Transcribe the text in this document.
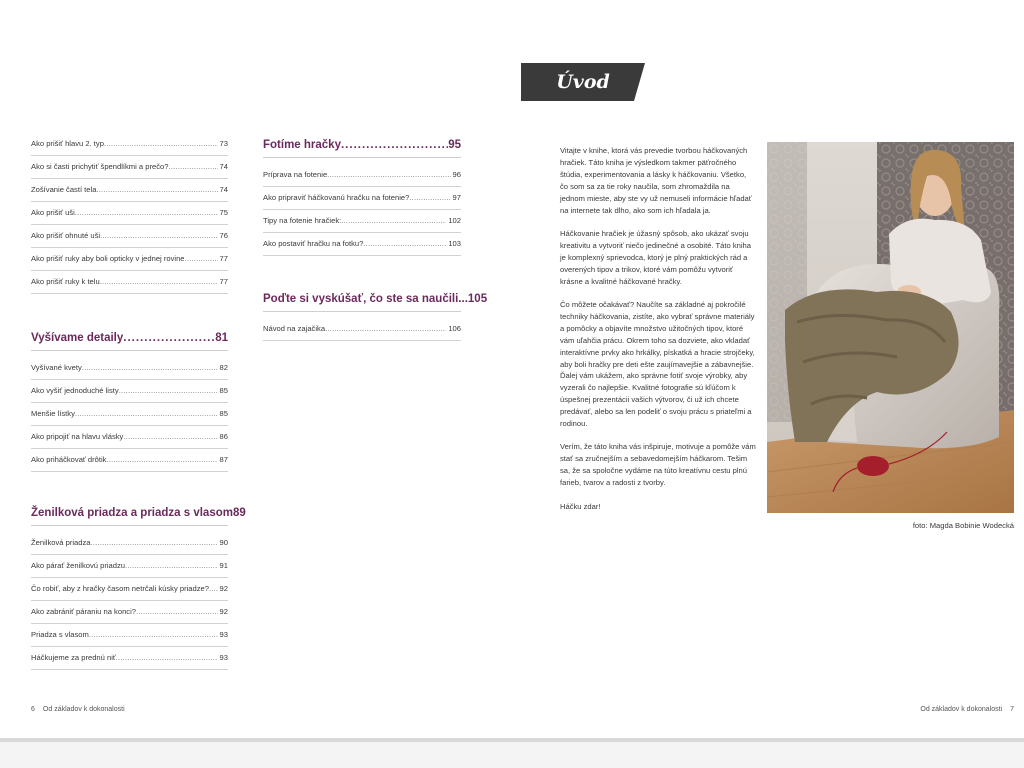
Ako prišiť hlavu 2. typ .....	73
Ako si časti prichytiť špendlíkmi a prečo? .....	74
Zošívanie častí tela .....	74
Ako prišiť uši .....	75
Ako prišiť ohnuté uši .....	76
Ako prišiť ruky aby boli opticky v jednej rovine .....	77
Ako prišiť ruky k telu .....	77
Vyšívame detaily .....	81
Vyšívané kvety .....	82
Ako vyšiť jednoduché listy .....	85
Menšie lístky .....	85
Ako pripojiť na hlavu vlásky .....	86
Ako priháčkovať drôtik .....	87
Ženilková priadza a priadza s vlasom 89
Ženilková priadza .....	90
Ako párať ženilkovú priadzu .....	91
Čo robiť, aby z hračky časom netrčali kúsky priadze? ..... 92
Ako zabrániť páraniu na konci? .....	92
Priadza s vlasom .....	93
Háčkujeme za prednú niť .....	93
Fotíme hračky .....	95
Príprava na fotenie .....	96
Ako pripraviť háčkovanú hračku na fotenie? .....	97
Tipy na fotenie hračiek: .....	102
Ako postaviť hračku na fotku? .....	103
Poďte si vyskúšať, čo ste sa naučili... 105
Návod na zajačika .....	106
Úvod

Vitajte v knihe, ktorá vás prevedie tvorbou háčkovaných hračiek. Táto kniha je výsledkom takmer päťročného štúdia, experimentovania a lásky k háčkovaniu. Všetko, čo som sa za tie roky naučila, som zhromaždila na jednom mieste, aby ste vy už nemuseli informácie hľadať na internete tak dlho, ako som ich hľadala ja.

Háčkovanie hračiek je úžasný spôsob, ako ukázať svoju kreativitu a vytvoriť niečo jedinečné a osobité. Táto kniha je komplexný sprievodca, ktorý je plný praktických rád a overených tipov a trikov, ktoré vám pomôžu vytvoriť krásne a kvalitné háčkované hračky.

Čo môžete očakávať? Naučíte sa základné aj pokročilé techniky háčkovania, zistíte, ako vybrať správne materiály a pomôcky a objavíte množstvo užitočných tipov, ktoré vám uľahčia prácu. Okrem toho sa dozviete, ako vkladať interaktívne prvky ako hrkálky, pískatká a hracie strojčeky, aby boli hračky pre deti ešte zaujímavejšie a zábavnejšie. Ďalej vám ukážem, ako správne fotiť svoje výrobky, aby vyzerali čo najlepšie. Kvalitné fotografie sú kľúčom k úspešnej prezentácii vašich výtvorov, či už ich chcete predávať, alebo sa len podeliť o svoju prácu s priateľmi a rodinou.

Verím, že táto kniha vás inšpiruje, motivuje a pomôže vám stať sa zručnejším a sebavedomejším háčkarom. Tešim sa, že sa spoločne vydáme na túto kreatívnu cestu plnú farieb, tvarov a radosti z tvorby.

Háčku zdar!

foto: Magda Bobinie Wodecká
6 Od základov k dokonalosti	Od základov k dokonalosti 7
